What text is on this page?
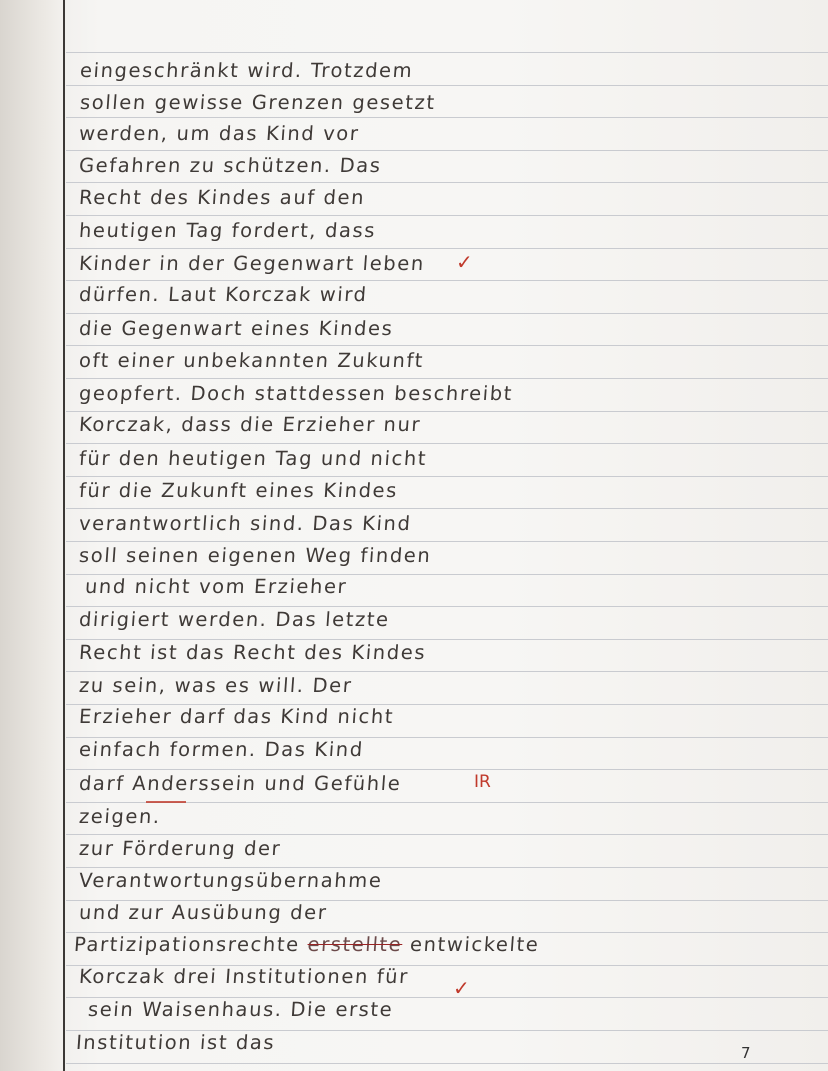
eingeschränkt wird. Trotzdem
sollen gewisse Grenzen gesetzt
werden, um das Kind vor
Gefahren zu schützen. Das
Recht des Kindes auf den
heutigen Tag fordert, dass
Kinder in der Gegenwart leben
dürfen. Laut Korczak wird
die Gegenwart eines Kindes
oft einer unbekannten Zukunft
geopfert. Doch stattdessen beschreibt
Korczak, dass die Erzieher nur
für den heutigen Tag und nicht
für die Zukunft eines Kindes
verantwortlich sind. Das Kind
soll seinen eigenen Weg finden
und nicht vom Erzieher
dirigiert werden. Das letzte
Recht ist das Recht des Kindes
zu sein, was es will. Der
Erzieher darf das Kind nicht
einfach formen. Das Kind
darf Anderssein und Gefühle
zeigen.
zur Förderung der
Verantwortungsübernahme
und zur Ausübung der
Partizipationsrechte erstellte entwickelte
Korczak drei Institutionen für
sein Waisenhaus. Die erste
Institution ist das
✓
IR
✓
7
